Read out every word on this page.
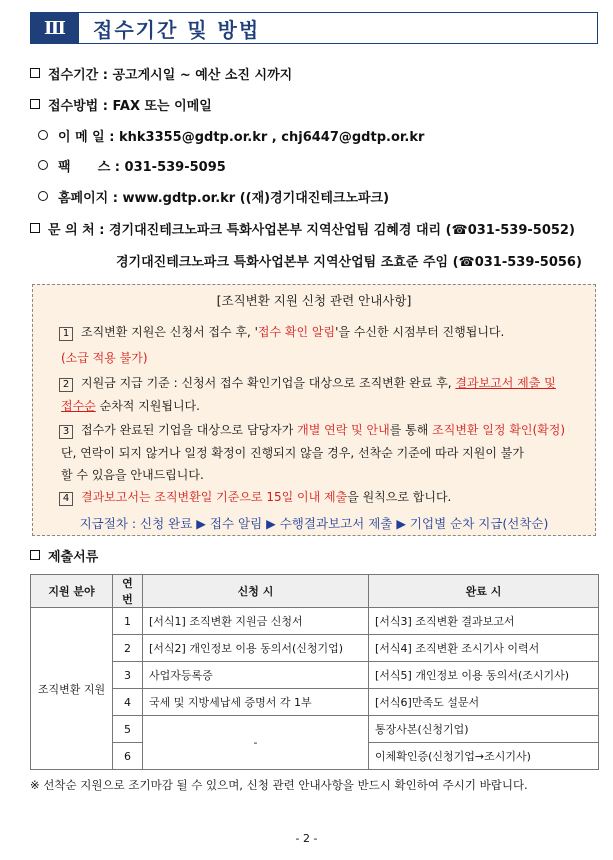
Ⅲ	접수기간 및 방법
접수기간 : 공고게시일 ~ 예산 소진 시까지
접수방법 : FAX 또는 이메일
이 메 일 : khk3355@gdtp.or.kr , chj6447@gdtp.or.kr
팩      스 : 031-539-5095
홈페이지 : www.gdtp.or.kr ((재)경기대진테크노파크)
문 의 처 : 경기대진테크노파크 특화사업본부 지역산업팀 김혜경 대리 (☎031-539-5052)
경기대진테크노파크 특화사업본부 지역산업팀 조효준 주임 (☎031-539-5056)
[조직변환 지원 신청 관련 안내사항]
1 조직변환 지원은 신청서 접수 후, '접수 확인 알림'을 수신한 시점부터 진행됩니다.
(소급 적용 불가)
2 지원금 지급 기준 : 신청서 접수 확인기업을 대상으로 조직변환 완료 후, 결과보고서 제출 및
접수순 순차적 지원됩니다.
3 접수가 완료된 기업을 대상으로 담당자가 개별 연락 및 안내를 통해 조직변환 일정 확인(확정)
단, 연락이 되지 않거나 일정 확정이 진행되지 않을 경우, 선착순 기준에 따라 지원이 불가
할 수 있음을 안내드립니다.
4 결과보고서는 조직변환일 기준으로 15일 이내 제출을 원칙으로 합니다.
지급절차 : 신청 완료 ▶ 접수 알림 ▶ 수행결과보고서 제출 ▶ 기업별 순차 지급(선착순)
제출서류
지원 분야	연번	신청 시	완료 시
조직변환 지원	1	[서식1] 조직변환 지원금 신청서	[서식3] 조직변환 결과보고서
	2	[서식2] 개인정보 이용 동의서(신청기업)	[서식4] 조직변환 조시기사 이력서
	3	사업자등록증	[서식5] 개인정보 이용 동의서(조시기사)
	4	국세 및 지방세납세 증명서 각 1부	[서식6]만족도 설문서
	5	-	통장사본(신청기업)
	6		이체확인증(신청기업→조시기사)
※ 선착순 지원으로 조기마감 될 수 있으며, 신청 관련 안내사항을 반드시 확인하여 주시기 바랍니다.
- 2 -
